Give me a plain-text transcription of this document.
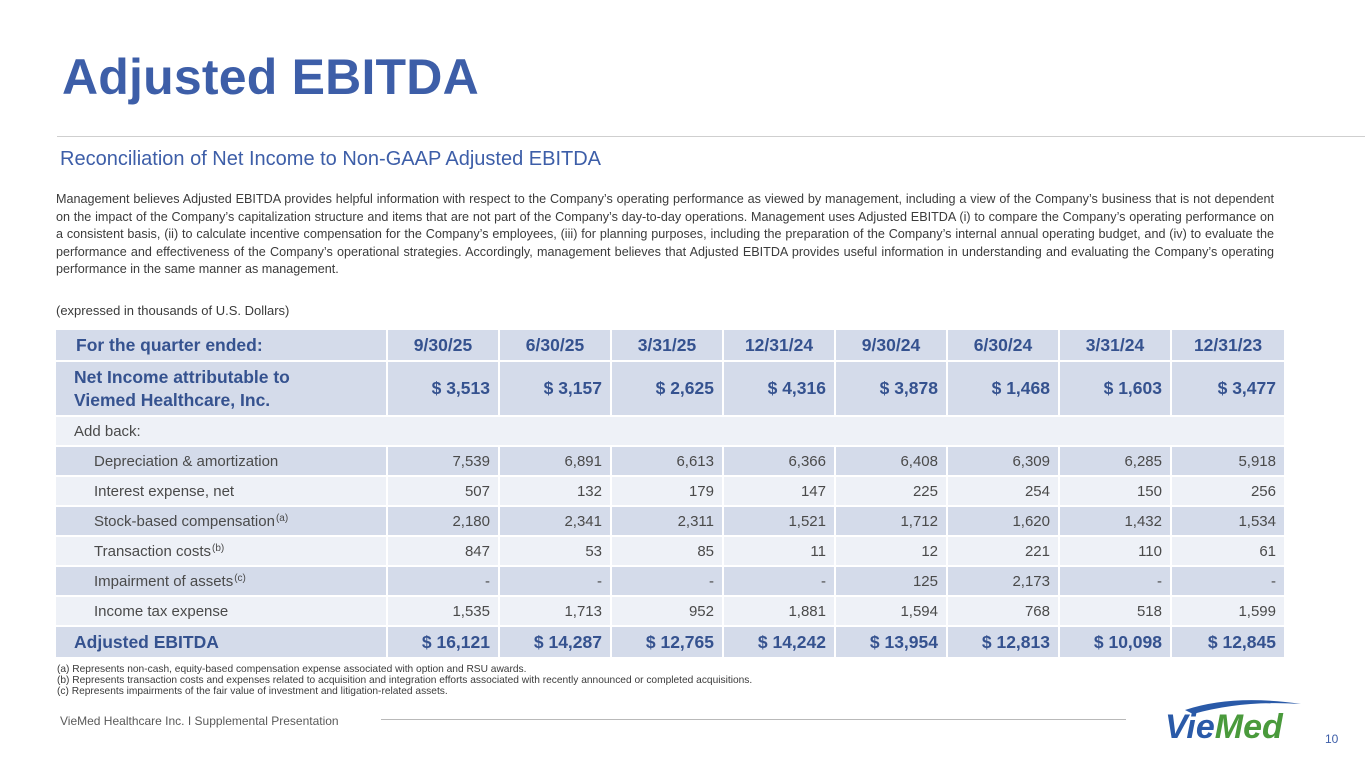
Adjusted EBITDA
Reconciliation of Net Income to Non-GAAP Adjusted EBITDA
Management believes Adjusted EBITDA provides helpful information with respect to the Company’s operating performance as viewed by management, including a view of the Company’s business that is not dependent on the impact of the Company’s capitalization structure and items that are not part of the Company’s day-to-day operations. Management uses Adjusted EBITDA (i) to compare the Company’s operating performance on a consistent basis, (ii) to calculate incentive compensation for the Company’s employees, (iii) for planning purposes, including the preparation of the Company’s internal annual operating budget, and (iv) to evaluate the performance and effectiveness of the Company’s operational strategies. Accordingly, management believes that Adjusted EBITDA provides useful information in understanding and evaluating the Company’s operating performance in the same manner as management.
(expressed in thousands of U.S. Dollars)
For the quarter ended:	9/30/25	6/30/25	3/31/25	12/31/24	9/30/24	6/30/24	3/31/24	12/31/23

Net Income attributable to
Viemed Healthcare, Inc.	$ 3,513	$ 3,157	$ 2,625	$ 4,316	$ 3,878	$ 1,468	$ 1,603	$ 3,477
Add back:								
Depreciation & amortization	7,539	6,891	6,613	6,366	6,408	6,309	6,285	5,918
Interest expense, net	507	132	179	147	225	254	150	256
Stock-based compensation$^{(a)}$	2,180	2,341	2,311	1,521	1,712	1,620	1,432	1,534
Transaction costs$^{(b)}$	847	53	85	11	12	221	110	61
Impairment of assets$^{(c)}$	-	-	-	-	125	2,173	-	-
Income tax expense	1,535	1,713	952	1,881	1,594	768	518	1,599
Adjusted EBITDA	$ 16,121	$ 14,287	$ 12,765	$ 14,242	$ 13,954	$ 12,813	$ 10,098	$ 12,845
(a) Represents non-cash, equity-based compensation expense associated with option and RSU awards.
(b) Represents transaction costs and expenses related to acquisition and integration efforts associated with recently announced or completed acquisitions.
(c) Represents impairments of the fair value of investment and litigation-related assets.
VieMed Healthcare Inc. I Supplemental Presentation	VieMed	10
